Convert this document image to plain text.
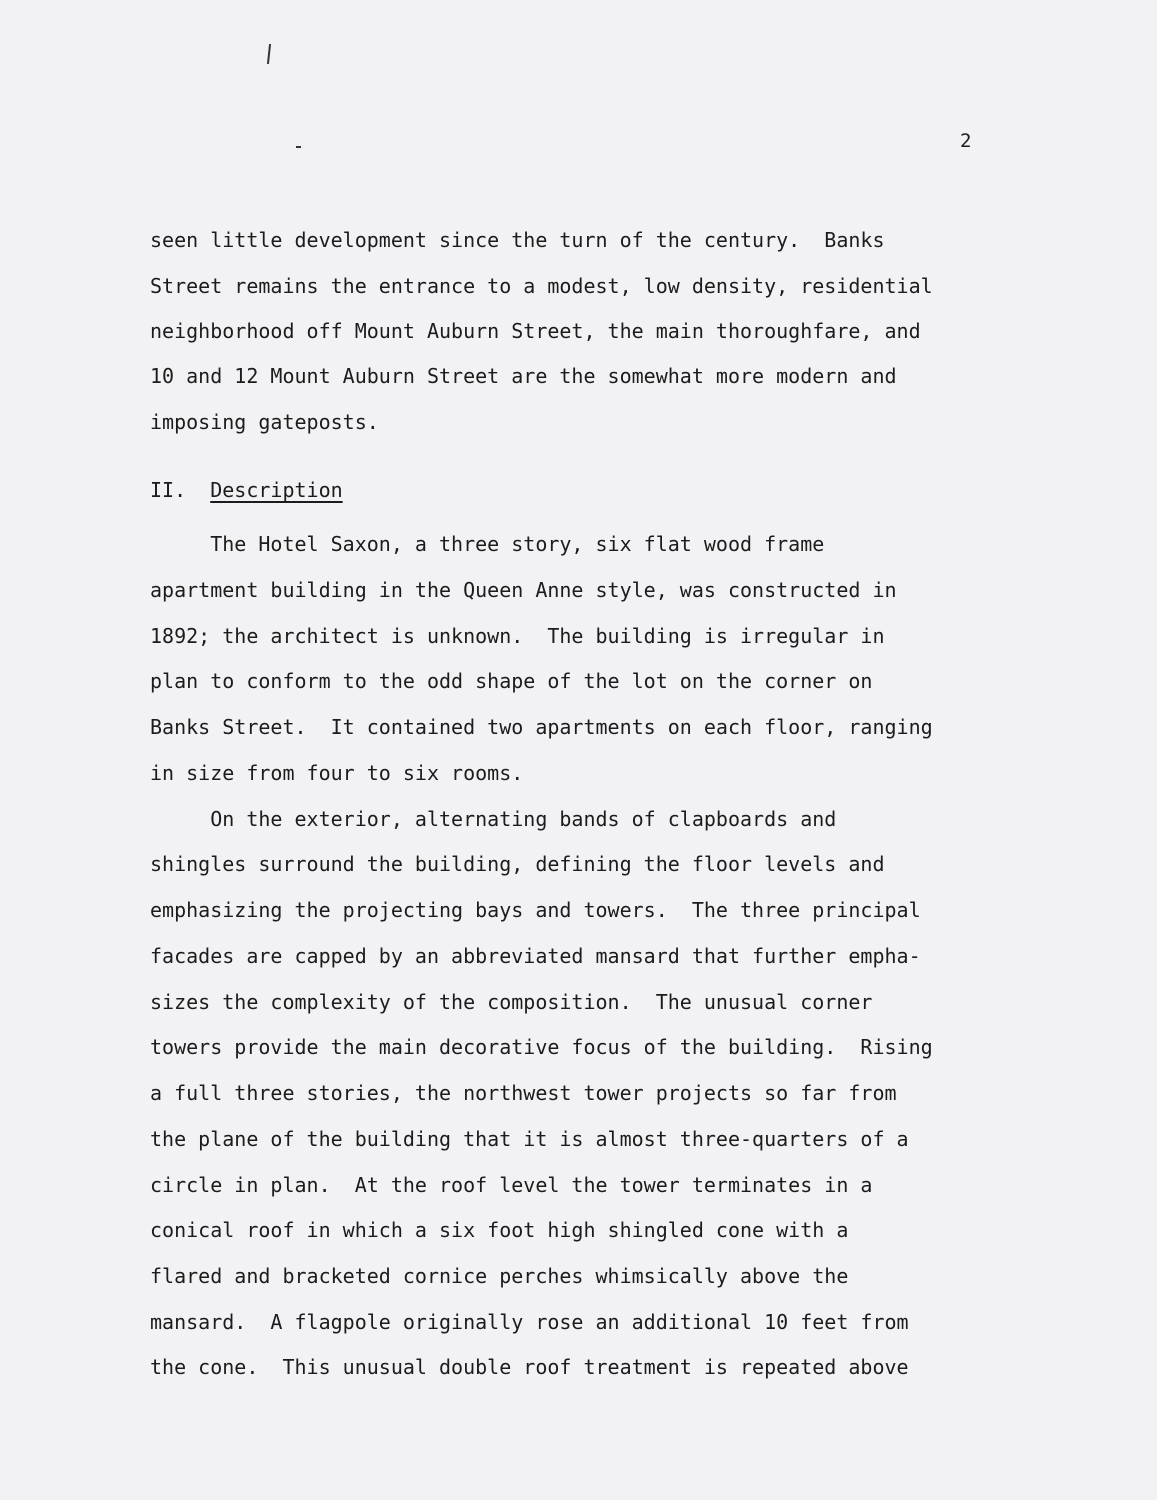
2
seen little development since the turn of the century.  Banks
Street remains the entrance to a modest, low density, residential
neighborhood off Mount Auburn Street, the main thoroughfare, and
10 and 12 Mount Auburn Street are the somewhat more modern and
imposing gateposts.
II. Description
The Hotel Saxon, a three story, six flat wood frame
apartment building in the Queen Anne style, was constructed in
1892; the architect is unknown.  The building is irregular in
plan to conform to the odd shape of the lot on the corner on
Banks Street.  It contained two apartments on each floor, ranging
in size from four to six rooms.
On the exterior, alternating bands of clapboards and
shingles surround the building, defining the floor levels and
emphasizing the projecting bays and towers.  The three principal
facades are capped by an abbreviated mansard that further empha-
sizes the complexity of the composition.  The unusual corner
towers provide the main decorative focus of the building.  Rising
a full three stories, the northwest tower projects so far from
the plane of the building that it is almost three-quarters of a
circle in plan.  At the roof level the tower terminates in a
conical roof in which a six foot high shingled cone with a
flared and bracketed cornice perches whimsically above the
mansard.  A flagpole originally rose an additional 10 feet from
the cone.  This unusual double roof treatment is repeated above
